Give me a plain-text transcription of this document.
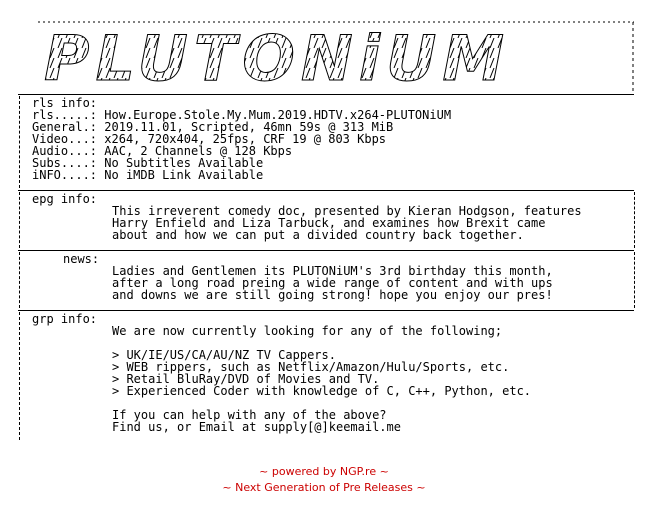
PLUTONiUM
rls info:
rls.....: How.Europe.Stole.My.Mum.2019.HDTV.x264-PLUTONiUM
General.: 2019.11.01, Scripted, 46mn 59s @ 313 MiB
Video...: x264, 720x404, 25fps, CRF 19 @ 803 Kbps
Audio...: AAC, 2 Channels @ 128 Kbps
Subs....: No Subtitles Available
iNFO....: No iMDB Link Available
epg info:
This irreverent comedy doc, presented by Kieran Hodgson, features
Harry Enfield and Liza Tarbuck, and examines how Brexit came
about and how we can put a divided country back together.
news:
Ladies and Gentlemen its PLUTONiUM's 3rd birthday this month,
after a long road preing a wide range of content and with ups
and downs we are still going strong! hope you enjoy our pres!
grp info:
We are now currently looking for any of the following;
> UK/IE/US/CA/AU/NZ TV Cappers.
> WEB rippers, such as Netflix/Amazon/Hulu/Sports, etc.
> Retail BluRay/DVD of Movies and TV.
> Experienced Coder with knowledge of C, C++, Python, etc.
If you can help with any of the above?
Find us, or Email at supply[@]keemail.me
~ powered by NGP.re ~
~ Next Generation of Pre Releases ~
